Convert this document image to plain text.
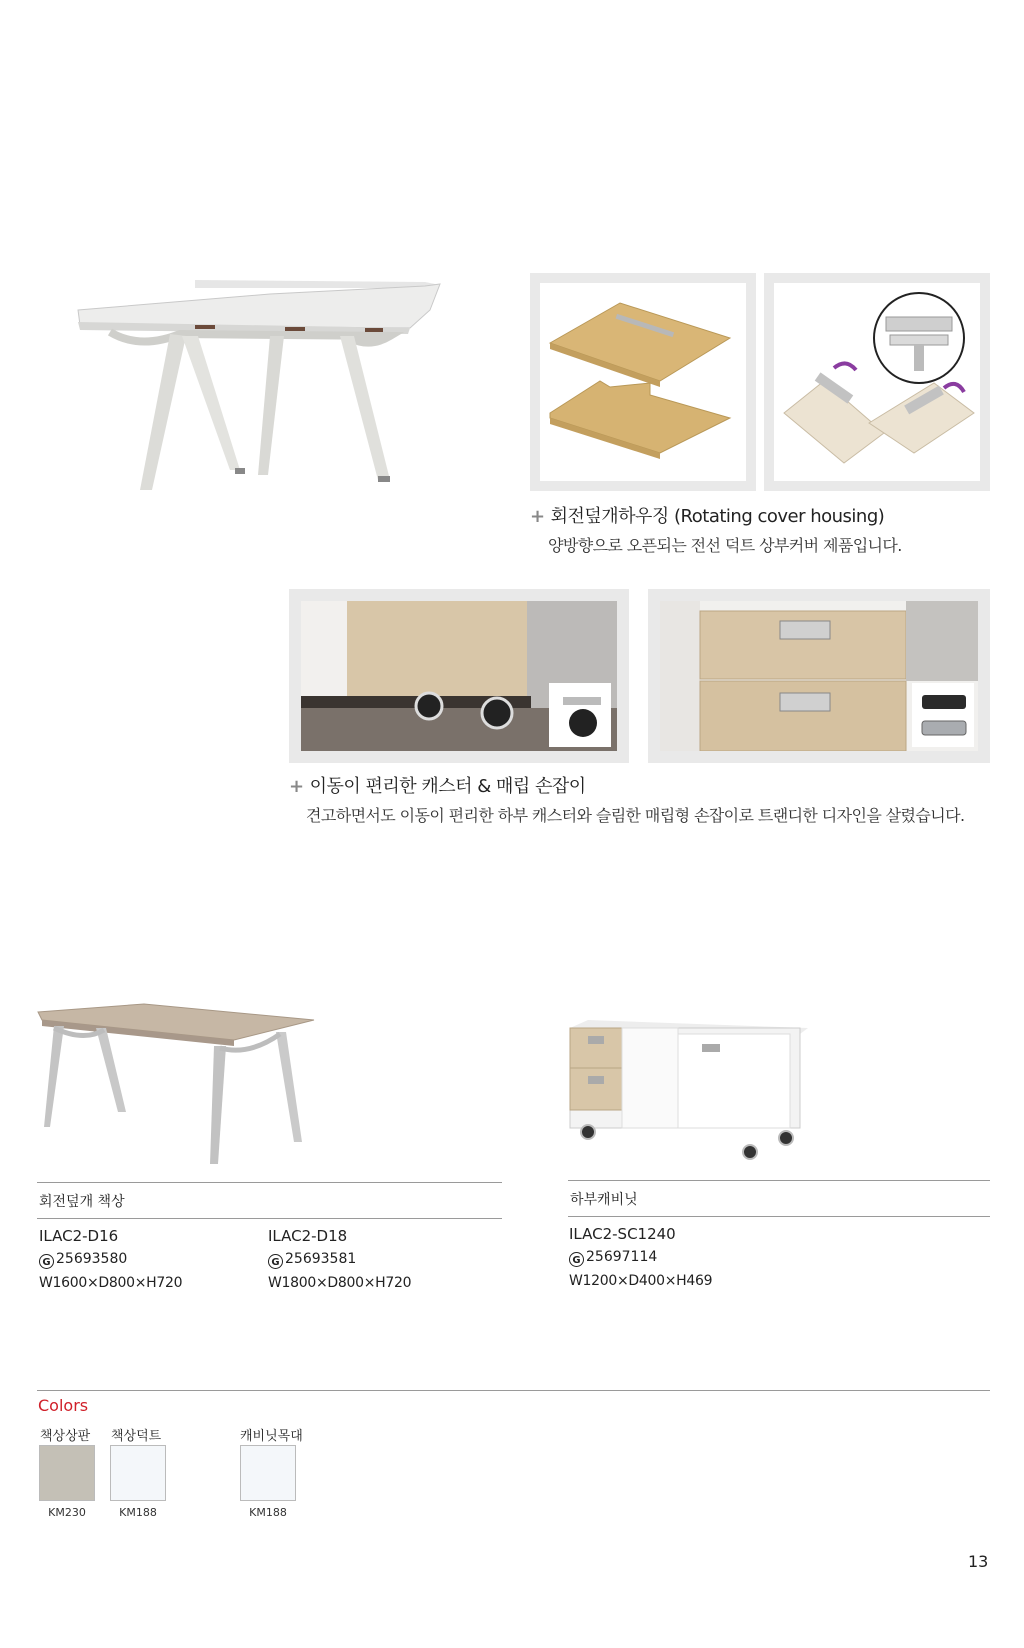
+ 회전덮개하우징 (Rotating cover housing)
양방향으로 오픈되는 전선 덕트 상부커버 제품입니다.
+ 이동이 편리한 캐스터 & 매립 손잡이
견고하면서도 이동이 편리한 하부 캐스터와 슬림한 매립형 손잡이로 트랜디한 디자인을 살렸습니다.
회전덮개 책상
ILAC2-D16
G 25693580
W1600×D800×H720
ILAC2-D18
G 25693581
W1800×D800×H720
하부캐비닛
ILAC2-SC1240
G 25697114
W1200×D400×H469
Colors
책상상판
KM230
책상덕트
KM188
캐비닛목대
KM188
13
